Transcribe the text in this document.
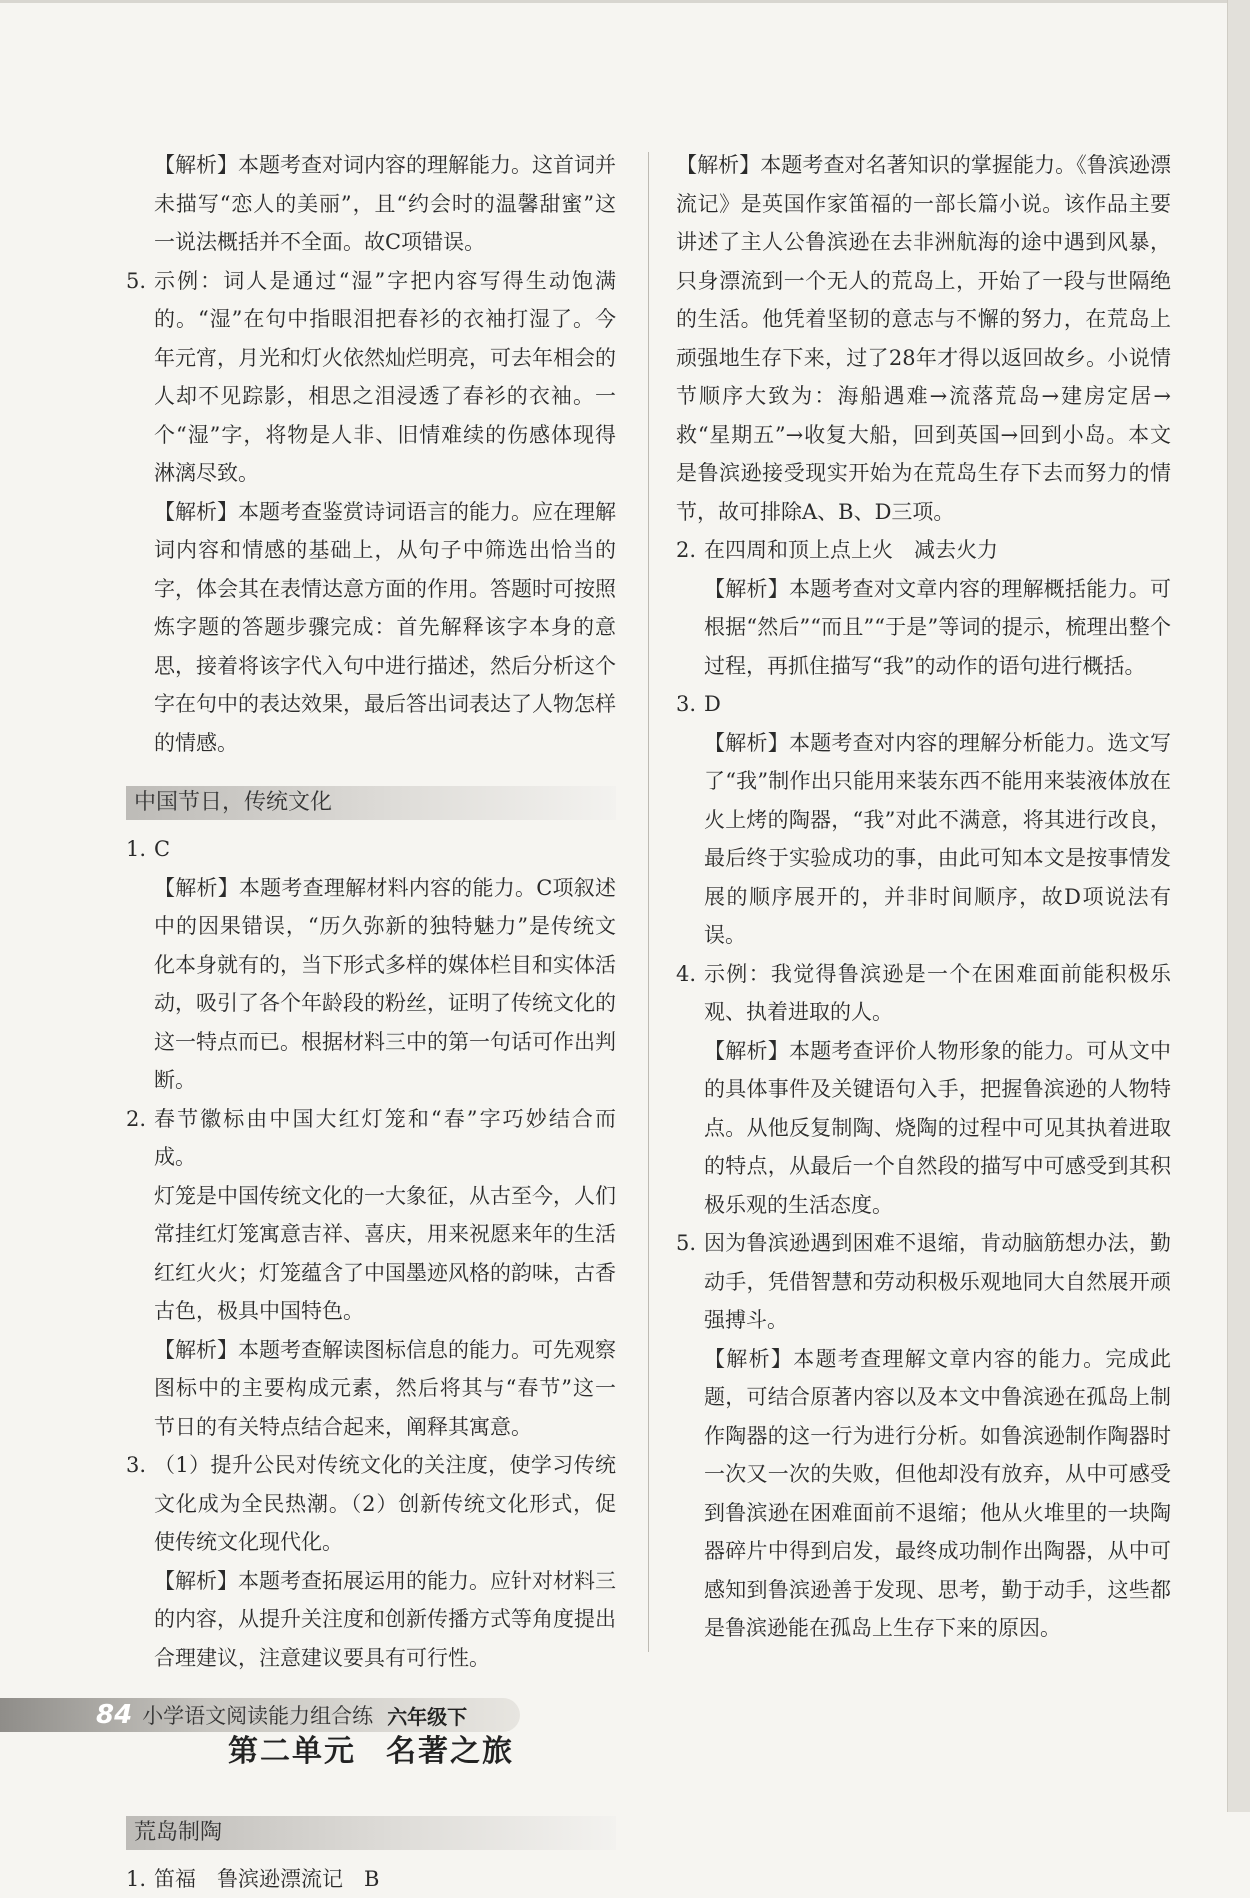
【解析】本题考查对词内容的理解能力。这首词并未描写“恋人的美丽”，且“约会时的温馨甜蜜”这一说法概括并不全面。故C项错误。

5. 示例：词人是通过“湿”字把内容写得生动饱满的。“湿”在句中指眼泪把春衫的衣袖打湿了。今年元宵，月光和灯火依然灿烂明亮，可去年相会的人却不见踪影，相思之泪浸透了春衫的衣袖。一个“湿”字，将物是人非、旧情难续的伤感体现得淋漓尽致。

【解析】本题考查鉴赏诗词语言的能力。应在理解词内容和情感的基础上，从句子中筛选出恰当的字，体会其在表情达意方面的作用。答题时可按照炼字题的答题步骤完成：首先解释该字本身的意思，接着将该字代入句中进行描述，然后分析这个字在句中的表达效果，最后答出词表达了人物怎样的情感。

中国节日，传统文化
1. C

【解析】本题考查理解材料内容的能力。C项叙述中的因果错误，“历久弥新的独特魅力”是传统文化本身就有的，当下形式多样的媒体栏目和实体活动，吸引了各个年龄段的粉丝，证明了传统文化的这一特点而已。根据材料三中的第一句话可作出判断。

2. 春节徽标由中国大红灯笼和“春”字巧妙结合而成。

灯笼是中国传统文化的一大象征，从古至今，人们常挂红灯笼寓意吉祥、喜庆，用来祝愿来年的生活红红火火；灯笼蕴含了中国墨迹风格的韵味，古香古色，极具中国特色。

【解析】本题考查解读图标信息的能力。可先观察图标中的主要构成元素，然后将其与“春节”这一节日的有关特点结合起来，阐释其寓意。

3. （1）提升公民对传统文化的关注度，使学习传统文化成为全民热潮。（2）创新传统文化形式，促使传统文化现代化。

【解析】本题考查拓展运用的能力。应针对材料三的内容，从提升关注度和创新传播方式等角度提出合理建议，注意建议要具有可行性。

第二单元 名著之旅
荒岛制陶
1. 笛福　鲁滨逊漂流记　B

【解析】本题考查对名著知识的掌握能力。《鲁滨逊漂流记》是英国作家笛福的一部长篇小说。该作品主要讲述了主人公鲁滨逊在去非洲航海的途中遇到风暴，只身漂流到一个无人的荒岛上，开始了一段与世隔绝的生活。他凭着坚韧的意志与不懈的努力，在荒岛上顽强地生存下来，过了28年才得以返回故乡。小说情节顺序大致为：海船遇难→流落荒岛→建房定居→救“星期五”→收复大船，回到英国→回到小岛。本文是鲁滨逊接受现实开始为在荒岛生存下去而努力的情节，故可排除A、B、D三项。

2. 在四周和顶上点上火　减去火力

【解析】本题考查对文章内容的理解概括能力。可根据“然后”“而且”“于是”等词的提示，梳理出整个过程，再抓住描写“我”的动作的语句进行概括。

3. D

【解析】本题考查对内容的理解分析能力。选文写了“我”制作出只能用来装东西不能用来装液体放在火上烤的陶器，“我”对此不满意，将其进行改良，最后终于实验成功的事，由此可知本文是按事情发展的顺序展开的，并非时间顺序，故D项说法有误。

4. 示例：我觉得鲁滨逊是一个在困难面前能积极乐观、执着进取的人。

【解析】本题考查评价人物形象的能力。可从文中的具体事件及关键语句入手，把握鲁滨逊的人物特点。从他反复制陶、烧陶的过程中可见其执着进取的特点，从最后一个自然段的描写中可感受到其积极乐观的生活态度。

5. 因为鲁滨逊遇到困难不退缩，肯动脑筋想办法，勤动手，凭借智慧和劳动积极乐观地同大自然展开顽强搏斗。

【解析】本题考查理解文章内容的能力。完成此题，可结合原著内容以及本文中鲁滨逊在孤岛上制作陶器的这一行为进行分析。如鲁滨逊制作陶器时一次又一次的失败，但他却没有放弃，从中可感受到鲁滨逊在困难面前不退缩；他从火堆里的一块陶器碎片中得到启发，最终成功制作出陶器，从中可感知到鲁滨逊善于发现、思考，勤于动手，这些都是鲁滨逊能在孤岛上生存下来的原因。

84 小学语文阅读能力组合练 六年级下
